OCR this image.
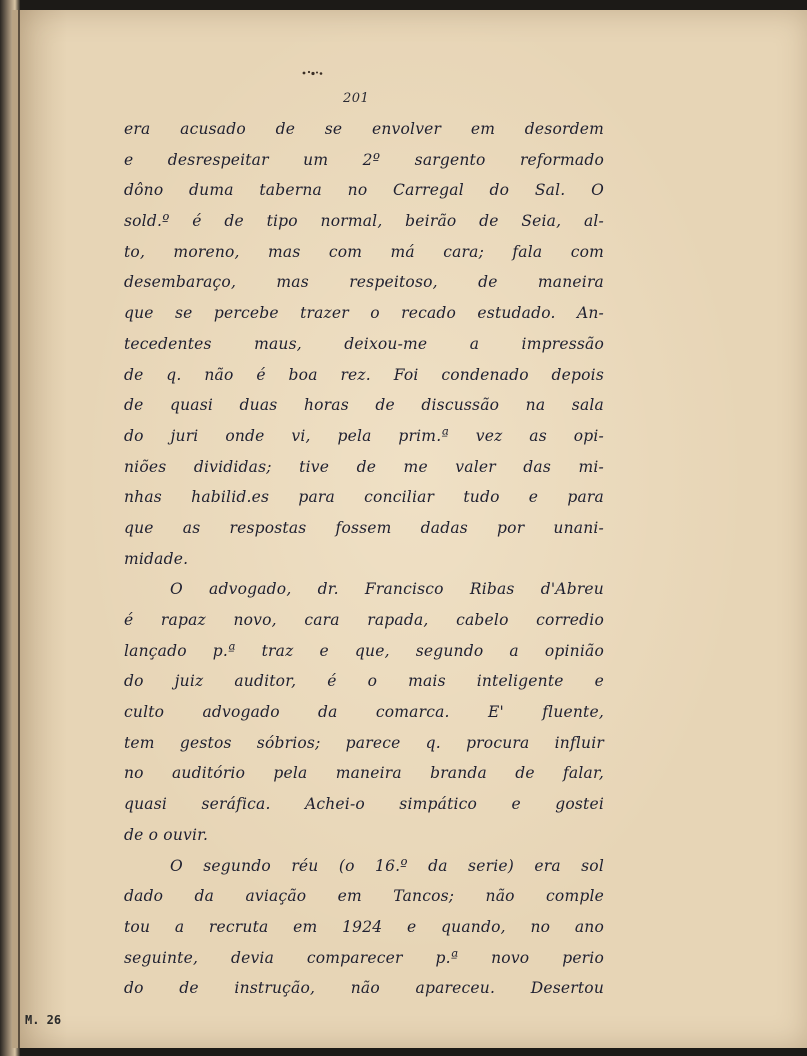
201
era acusado de se envolver em desordem
e desrespeitar um 2º sargento reformado
dôno duma taberna no Carregal do Sal. O
sold.º é de tipo normal, beirão de Seia, al-
to, moreno, mas com má cara; fala com
desembaraço, mas respeitoso, de maneira
que se percebe trazer o recado estudado. An-
tecedentes maus, deixou-me a impressão
de q. não é boa rez. Foi condenado depois
de quasi duas horas de discussão na sala
do juri onde vi, pela prim.ª vez as opi-
niões divididas; tive de me valer das mi-
nhas habilid.es para conciliar tudo e para
que as respostas fossem dadas por unani-
midade.
O advogado, dr. Francisco Ribas d'Abreu
é rapaz novo, cara rapada, cabelo corredio
lançado p.ª traz e que, segundo a opinião
do juiz auditor, é o mais inteligente e
culto advogado da comarca. E' fluente,
tem gestos sóbrios; parece q. procura influir
no auditório pela maneira branda de falar,
quasi seráfica. Achei-o simpático e gostei
de o ouvir.
O segundo réu (o 16.º da serie) era sol
dado da aviação em Tancos; não comple
tou a recruta em 1924 e quando, no ano
seguinte, devia comparecer p.ª novo perio
do de instrução, não apareceu. Desertou
M. 26
